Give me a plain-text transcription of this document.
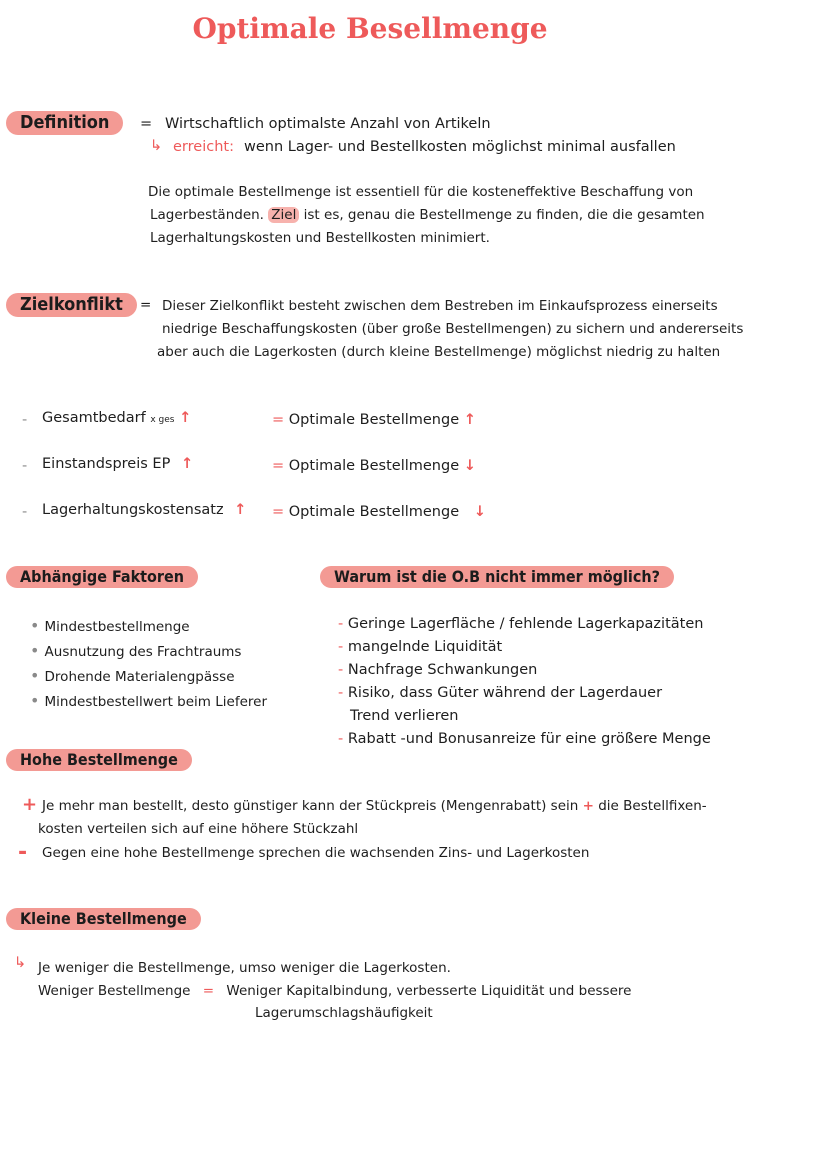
Optimale Besellmenge
Definition	= Wirtschaftlich optimalste Anzahl von Artikeln
↳ erreicht: wenn Lager- und Bestellkosten möglichst minimal ausfallen
Die optimale Bestellmenge ist essentiell für die kosteneffektive Beschaffung von
Lagerbeständen. Ziel ist es, genau die Bestellmenge zu finden, die die gesamten
Lagerhaltungskosten und Bestellkosten minimiert.
Zielkonflikt	= Dieser Zielkonflikt besteht zwischen dem Bestreben im Einkaufsprozess einerseits
niedrige Beschaffungskosten (über große Bestellmengen) zu sichern und andererseits
aber auch die Lagerkosten (durch kleine Bestellmenge) möglichst niedrig zu halten
- Gesamtbedarf x ges ↑	= Optimale Bestellmenge ↑
- Einstandspreis EP ↑	= Optimale Bestellmenge ↓
- Lagerhaltungskostensatz ↑ = Optimale Bestellmenge ↓
Abhängige Faktoren
• Mindestbestellmenge
• Ausnutzung des Frachtraums
• Drohende Materialengpässe
• Mindestbestellwert beim Lieferer
Warum ist die O.B nicht immer möglich?
- Geringe Lagerfläche / fehlende Lagerkapazitäten
- mangelnde Liquidität
- Nachfrage Schwankungen
- Risiko, dass Güter während der Lagerdauer
Trend verlieren
- Rabatt -und Bonusanreize für eine größere Menge
Hohe Bestellmenge
+ Je mehr man bestellt, desto günstiger kann der Stückpreis (Mengenrabatt) sein + die Bestellfixen-
kosten verteilen sich auf eine höhere Stückzahl
- Gegen eine hohe Bestellmenge sprechen die wachsenden Zins- und Lagerkosten
Kleine Bestellmenge
↳ Je weniger die Bestellmenge, umso weniger die Lagerkosten.
Weniger Bestellmenge = Weniger Kapitalbindung, verbesserte Liquidität und bessere
Lagerumschlagshäufigkeit
